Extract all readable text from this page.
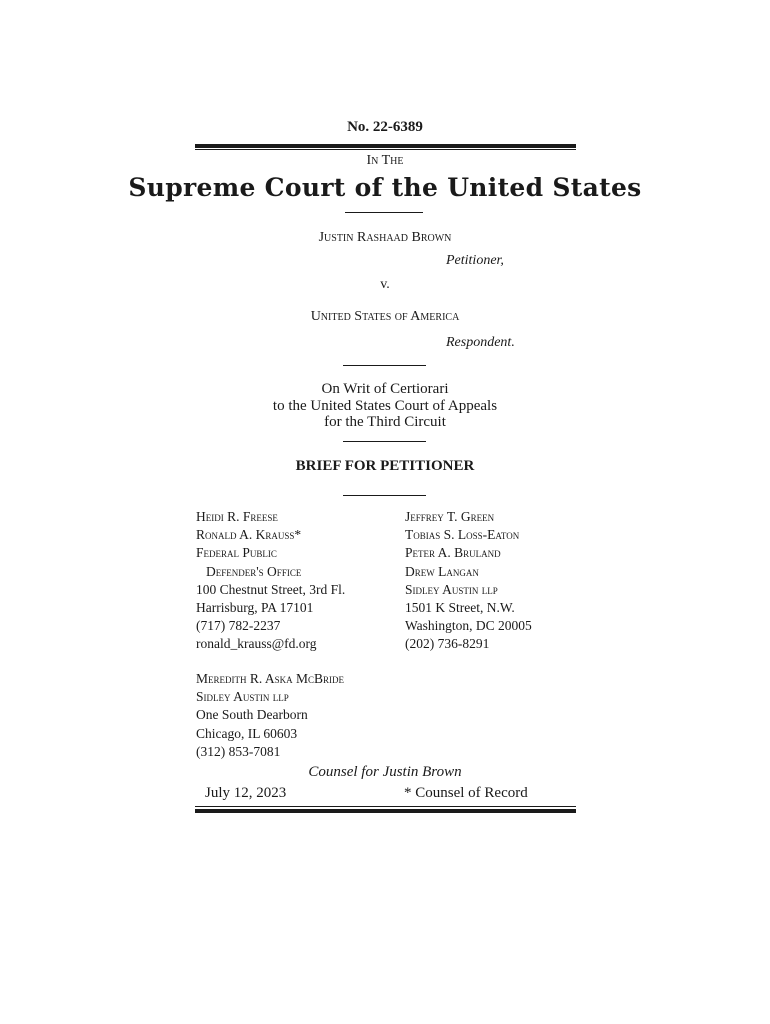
No. 22-6389
In The
Supreme Court of the United States
Justin Rashaad Brown
Petitioner,
v.
United States of America
Respondent.
On Writ of Certiorari
to the United States Court of Appeals
for the Third Circuit
BRIEF FOR PETITIONER
Heidi R. Freese
Ronald A. Krauss*
Federal Public
Defender's Office
100 Chestnut Street, 3rd Fl.
Harrisburg, PA 17101
(717) 782-2237
ronald_krauss@fd.org
Jeffrey T. Green
Tobias S. Loss-Eaton
Peter A. Bruland
Drew Langan
Sidley Austin llp
1501 K Street, N.W.
Washington, DC 20005
(202) 736-8291
Meredith R. Aska McBride
Sidley Austin llp
One South Dearborn
Chicago, IL 60603
(312) 853-7081
Counsel for Justin Brown
July 12, 2023	* Counsel of Record
